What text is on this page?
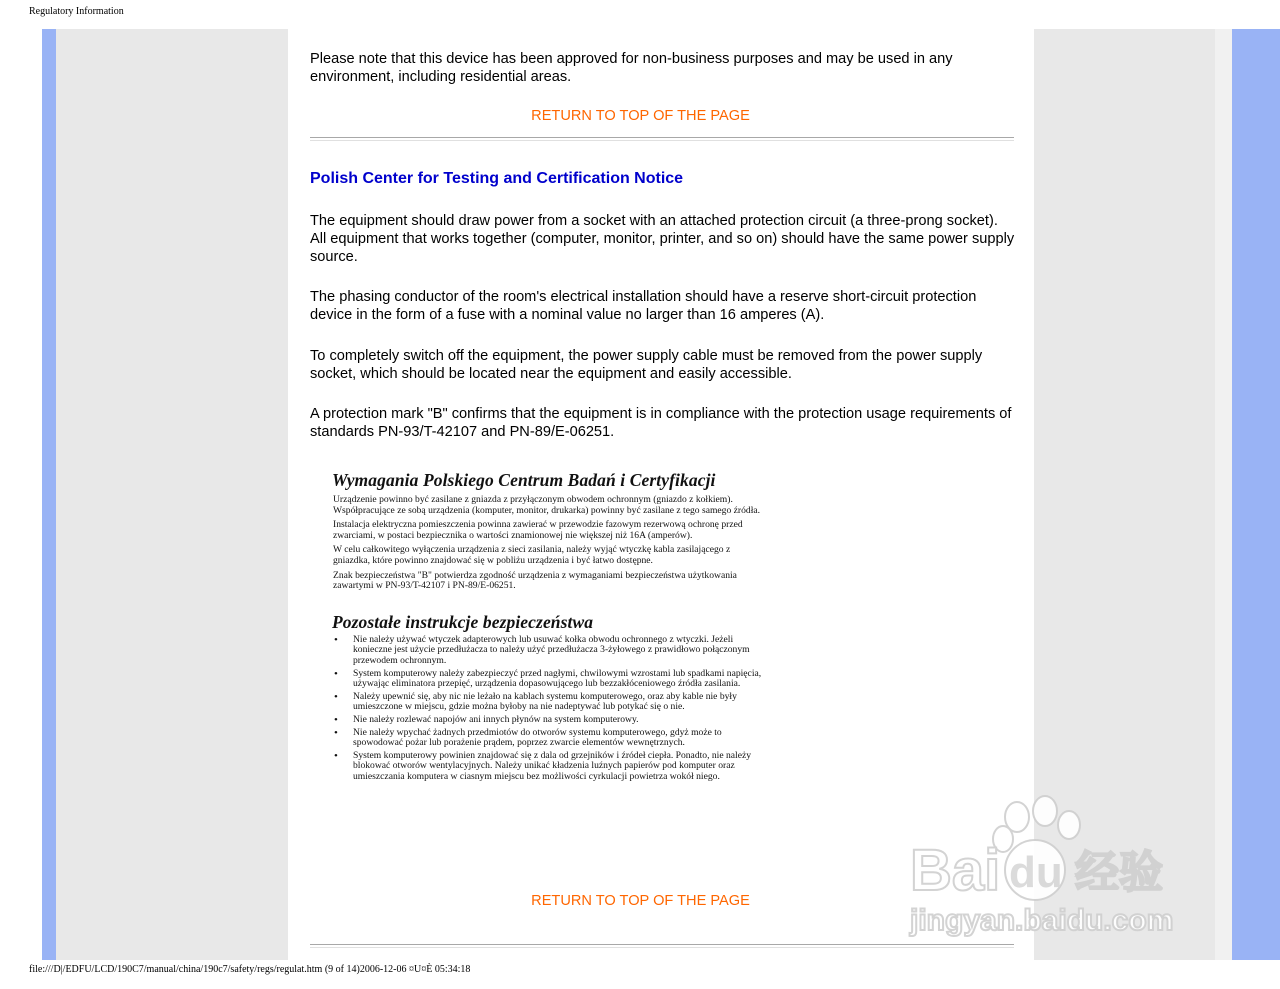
Regulatory Information

Please note that this device has been approved for non-business purposes and may be used in any environment, including residential areas.

RETURN TO TOP OF THE PAGE
Polish Center for Testing and Certification Notice

The equipment should draw power from a socket with an attached protection circuit (a three-prong socket). All equipment that works together (computer, monitor, printer, and so on) should have the same power supply source.

The phasing conductor of the room's electrical installation should have a reserve short-circuit protection device in the form of a fuse with a nominal value no larger than 16 amperes (A).

To completely switch off the equipment, the power supply cable must be removed from the power supply socket, which should be located near the equipment and easily accessible.

A protection mark "B" confirms that the equipment is in compliance with the protection usage requirements of standards PN-93/T-42107 and PN-89/E-06251.

RETURN TO TOP OF THE PAGE
Wymagania Polskiego Centrum Badań i Certyfikacji
Urządzenie powinno być zasilane z gniazda z przyłączonym obwodem ochronnym (gniazdo z kołkiem). Współpracujące ze sobą urządzenia (komputer, monitor, drukarka) powinny być zasilane z tego samego źródła.
Instalacja elektryczna pomieszczenia powinna zawierać w przewodzie fazowym rezerwową ochronę przed zwarciami, w postaci bezpiecznika o wartości znamionowej nie większej niż 16A (amperów).
W celu całkowitego wyłączenia urządzenia z sieci zasilania, należy wyjąć wtyczkę kabla zasilającego z gniazdka, które powinno znajdować się w pobliżu urządzenia i być łatwo dostępne.
Znak bezpieczeństwa "B" potwierdza zgodność urządzenia z wymaganiami bezpieczeństwa użytkowania zawartymi w PN-93/T-42107 i PN-89/E-06251.
Pozostałe instrukcje bezpieczeństwa
• Nie należy używać wtyczek adapterowych lub usuwać kołka obwodu ochronnego z wtyczki. Jeżeli konieczne jest użycie przedłużacza to należy użyć przedłużacza 3-żyłowego z prawidłowo połączonym przewodem ochronnym.
• System komputerowy należy zabezpieczyć przed nagłymi, chwilowymi wzrostami lub spadkami napięcia, używając eliminatora przepięć, urządzenia dopasowującego lub bezzakłóceniowego źródła zasilania.
• Należy upewnić się, aby nic nie leżało na kablach systemu komputerowego, oraz aby kable nie były umieszczone w miejscu, gdzie można byłoby na nie nadeptywać lub potykać się o nie.
• Nie należy rozlewać napojów ani innych płynów na system komputerowy.
• Nie należy wpychać żadnych przedmiotów do otworów systemu komputerowego, gdyż może to spowodować pożar lub porażenie prądem, poprzez zwarcie elementów wewnętrznych.
• System komputerowy powinien znajdować się z dala od grzejników i źródeł ciepła. Ponadto, nie należy blokować otworów wentylacyjnych. Należy unikać kładzenia luźnych papierów pod komputer oraz umieszczania komputera w ciasnym miejscu bez możliwości cyrkulacji powietrza wokół niego.
Bai du 经验
jingyan.baidu.com
file:///D|/EDFU/LCD/190C7/manual/china/190c7/safety/regs/regulat.htm (9 of 14)2006-12-06 ¤U¤È 05:34:18
